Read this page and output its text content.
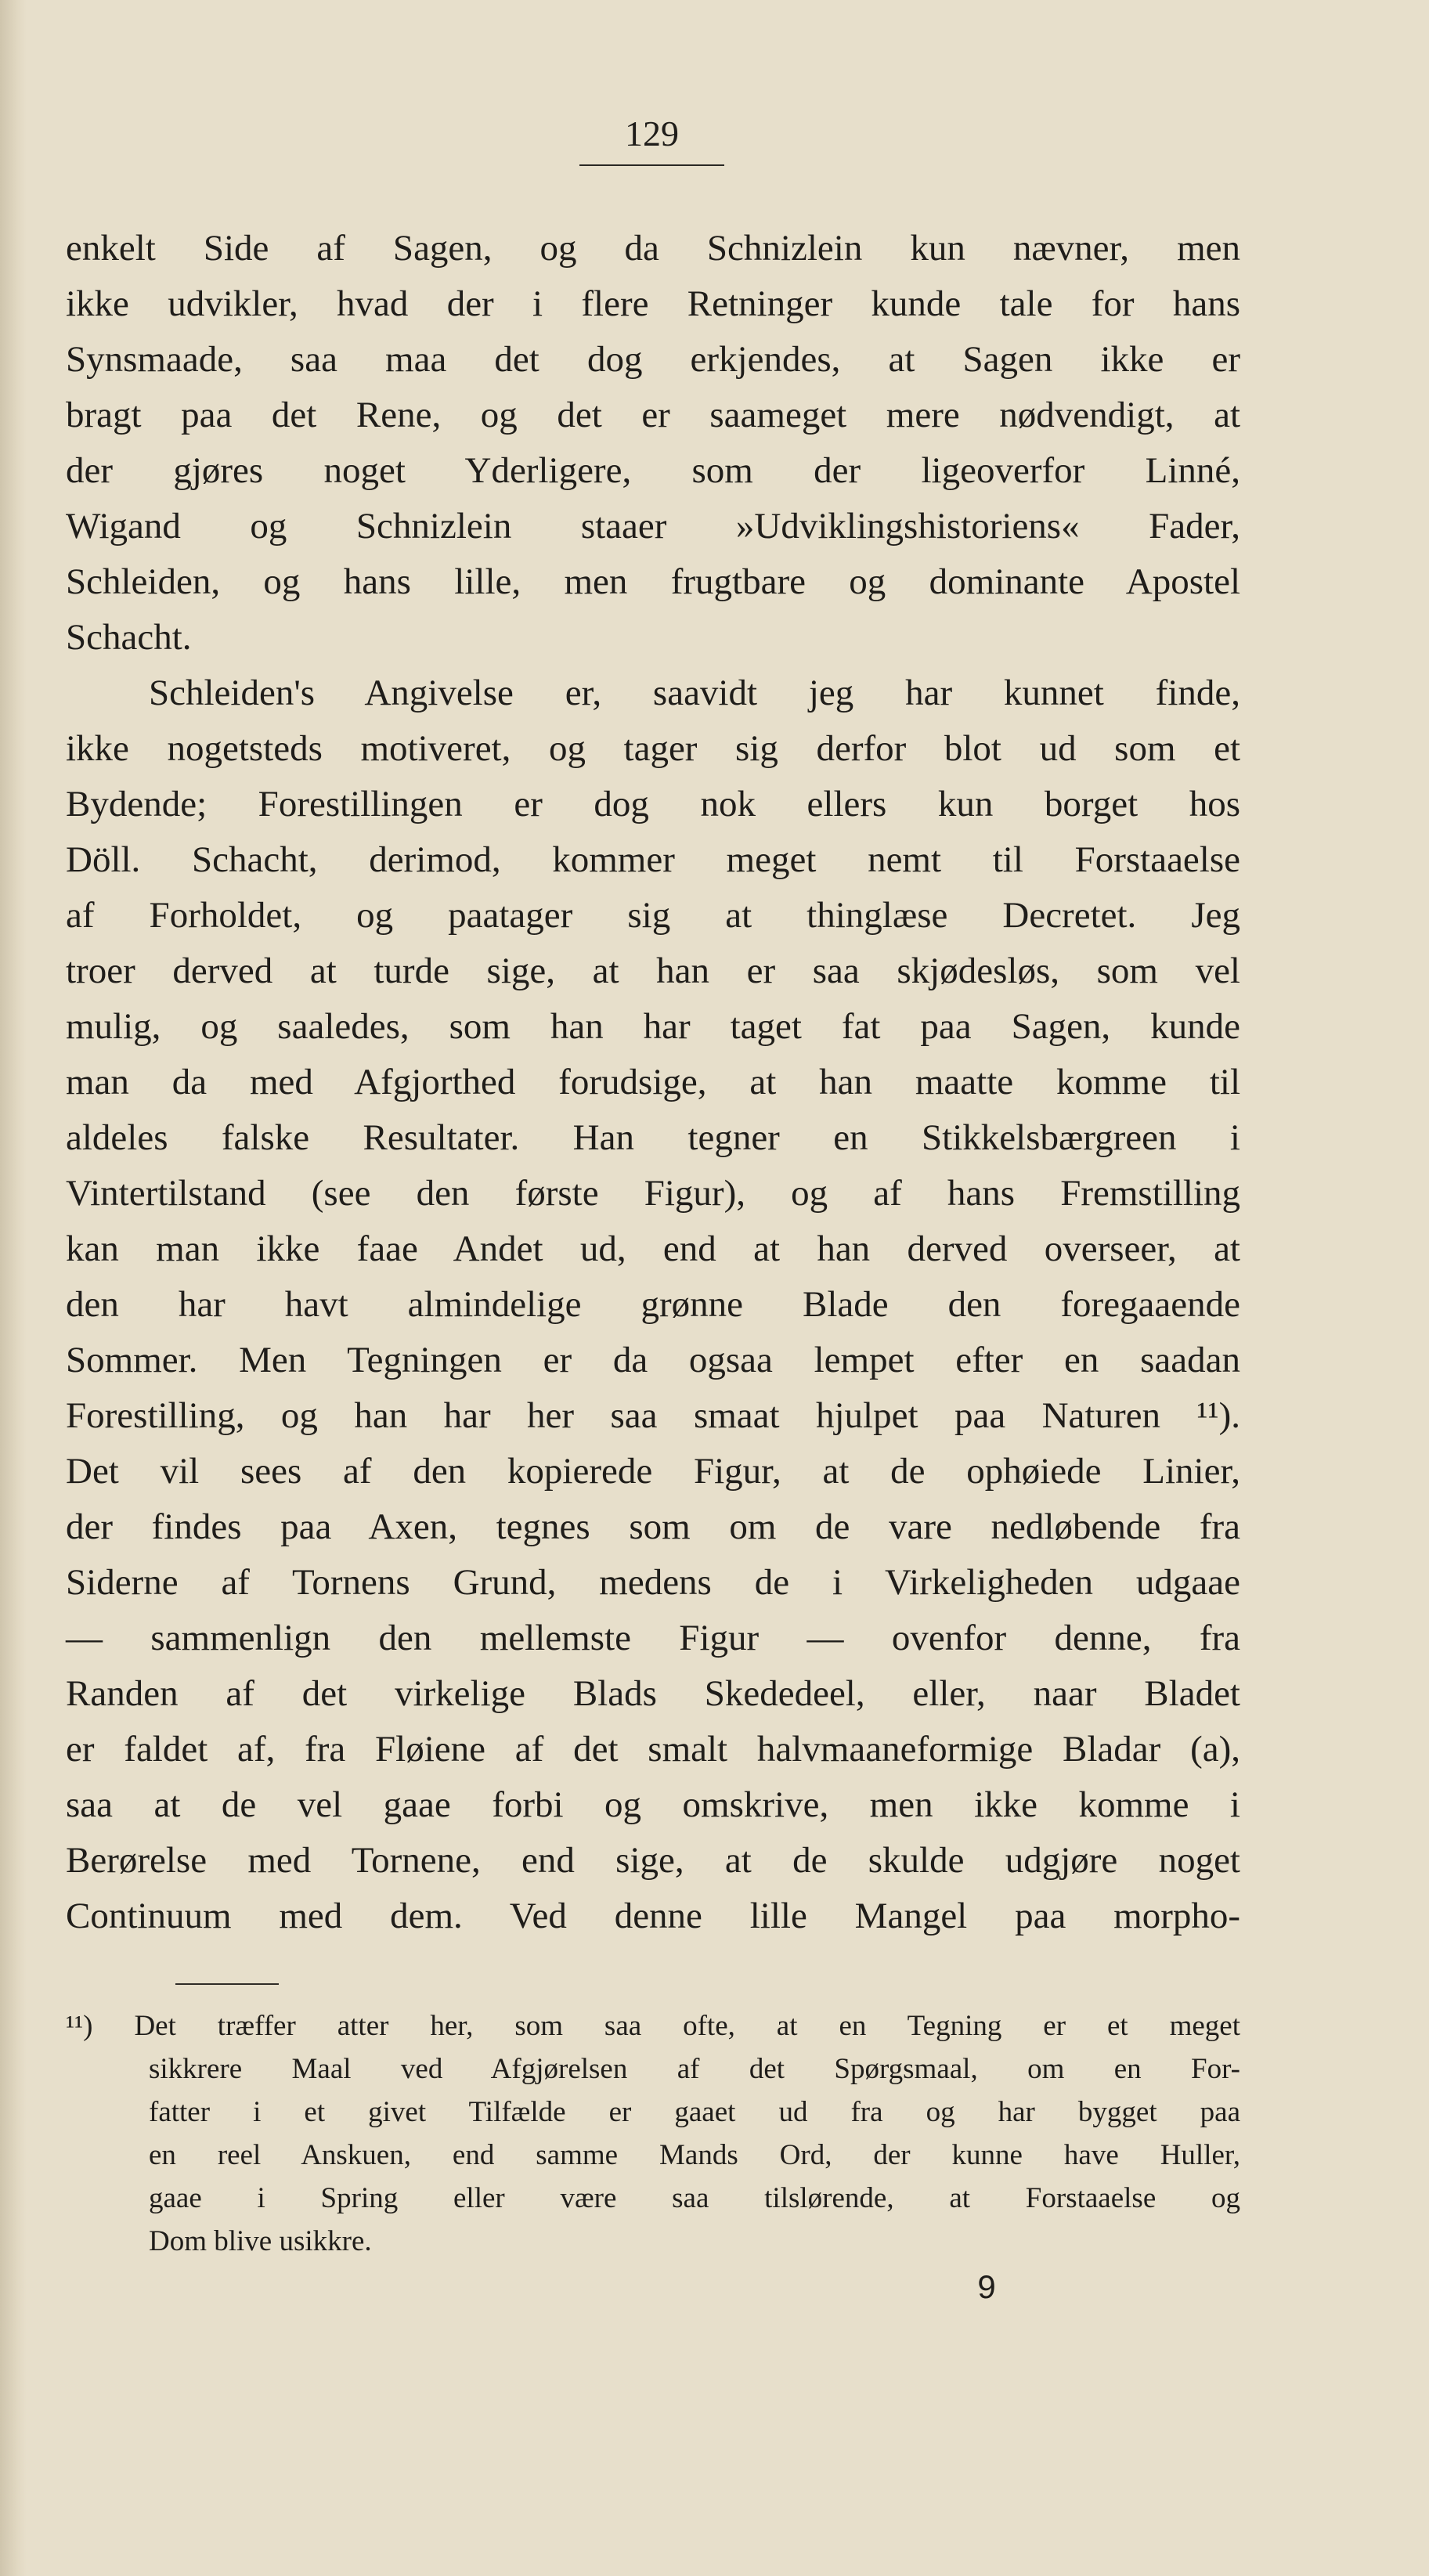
129
enkelt Side af Sagen, og da Schnizlein kun nævner, men
ikke udvikler, hvad der i flere Retninger kunde tale for hans
Synsmaade, saa maa det dog erkjendes, at Sagen ikke er
bragt paa det Rene, og det er saameget mere nødvendigt, at
der gjøres noget Yderligere, som der ligeoverfor Linné,
Wigand og Schnizlein staaer »Udviklingshistoriens« Fader,
Schleiden, og hans lille, men frugtbare og dominante Apostel
Schacht.
Schleiden's Angivelse er, saavidt jeg har kunnet finde,
ikke nogetsteds motiveret, og tager sig derfor blot ud som et
Bydende; Forestillingen er dog nok ellers kun borget hos
Döll. Schacht, derimod, kommer meget nemt til Forstaaelse
af Forholdet, og paatager sig at thinglæse Decretet. Jeg
troer derved at turde sige, at han er saa skjødesløs, som vel
mulig, og saaledes, som han har taget fat paa Sagen, kunde
man da med Afgjorthed forudsige, at han maatte komme til
aldeles falske Resultater. Han tegner en Stikkelsbærgreen i
Vintertilstand (see den første Figur), og af hans Fremstilling
kan man ikke faae Andet ud, end at han derved overseer, at
den har havt almindelige grønne Blade den foregaaende
Sommer. Men Tegningen er da ogsaa lempet efter en saadan
Forestilling, og han har her saa smaat hjulpet paa Naturen ¹¹).
Det vil sees af den kopierede Figur, at de ophøiede Linier,
der findes paa Axen, tegnes som om de vare nedløbende fra
Siderne af Tornens Grund, medens de i Virkeligheden udgaae
— sammenlign den mellemste Figur — ovenfor denne, fra
Randen af det virkelige Blads Skededeel, eller, naar Bladet
er faldet af, fra Fløiene af det smalt halvmaaneformige Bladar (a),
saa at de vel gaae forbi og omskrive, men ikke komme i
Berørelse med Tornene, end sige, at de skulde udgjøre noget
Continuum med dem. Ved denne lille Mangel paa morpho-
¹¹) Det træffer atter her, som saa ofte, at en Tegning er et meget
sikkrere Maal ved Afgjørelsen af det Spørgsmaal, om en For-
fatter i et givet Tilfælde er gaaet ud fra og har bygget paa
en reel Anskuen, end samme Mands Ord, der kunne have Huller,
gaae i Spring eller være saa tilslørende, at Forstaaelse og
Dom blive usikkre.
9
